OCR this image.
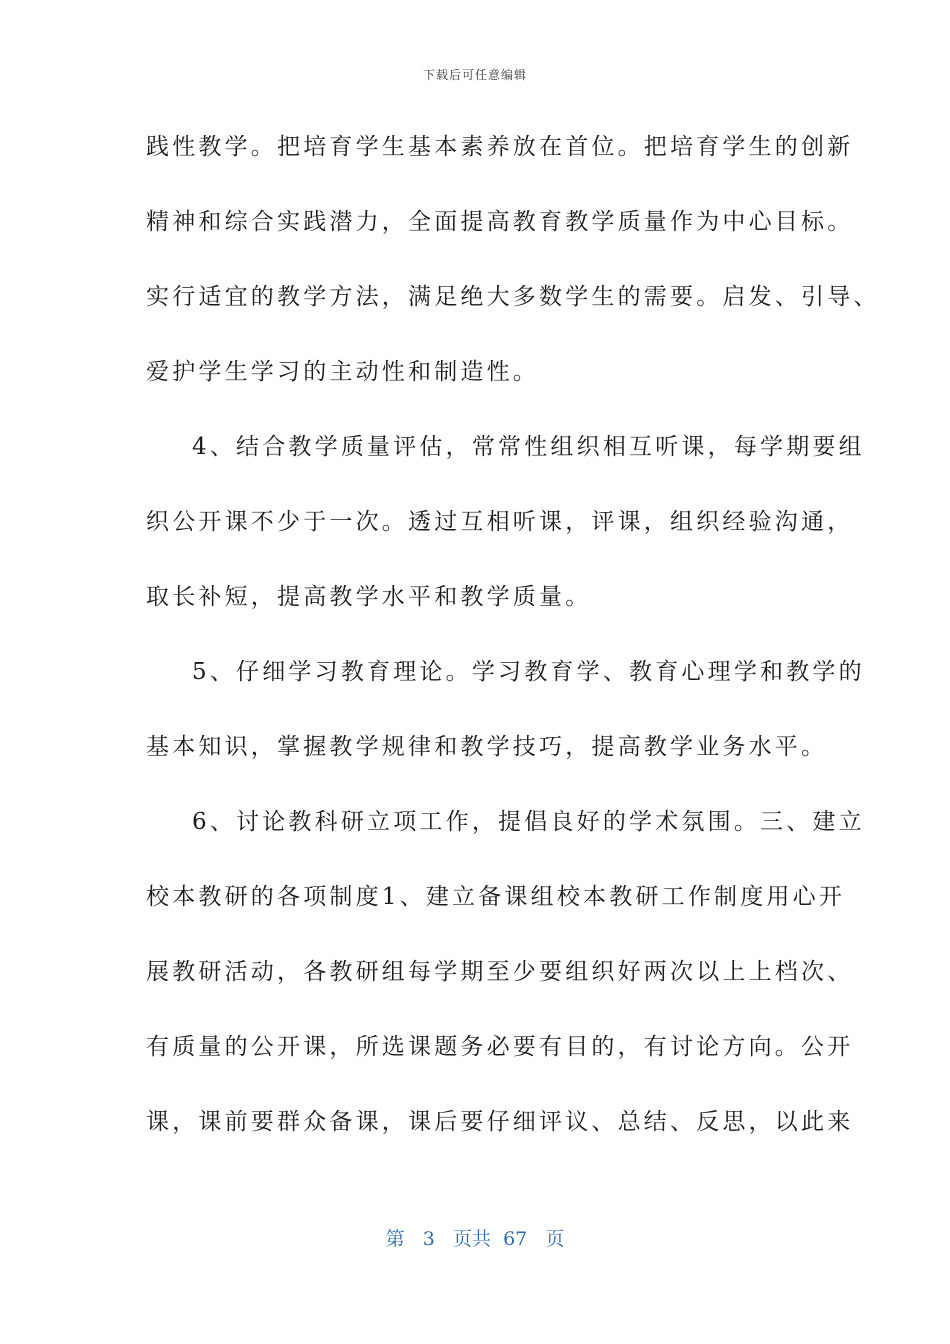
下载后可任意编辑
践性教学。把培育学生基本素养放在首位。把培育学生的创新
精神和综合实践潜力，全面提高教育教学质量作为中心目标。
实行适宜的教学方法，满足绝大多数学生的需要。启发、引导、
爱护学生学习的主动性和制造性。
4、结合教学质量评估，常常性组织相互听课，每学期要组
织公开课不少于一次。透过互相听课，评课，组织经验沟通，
取长补短，提高教学水平和教学质量。
5、仔细学习教育理论。学习教育学、教育心理学和教学的
基本知识，掌握教学规律和教学技巧，提高教学业务水平。
6、讨论教科研立项工作，提倡良好的学术氛围。三、建立
校本教研的各项制度1、建立备课组校本教研工作制度用心开
展教研活动，各教研组每学期至少要组织好两次以上上档次、
有质量的公开课，所选课题务必要有目的，有讨论方向。公开
课，课前要群众备课，课后要仔细评议、总结、反思，以此来
第 3 页共 67 页
